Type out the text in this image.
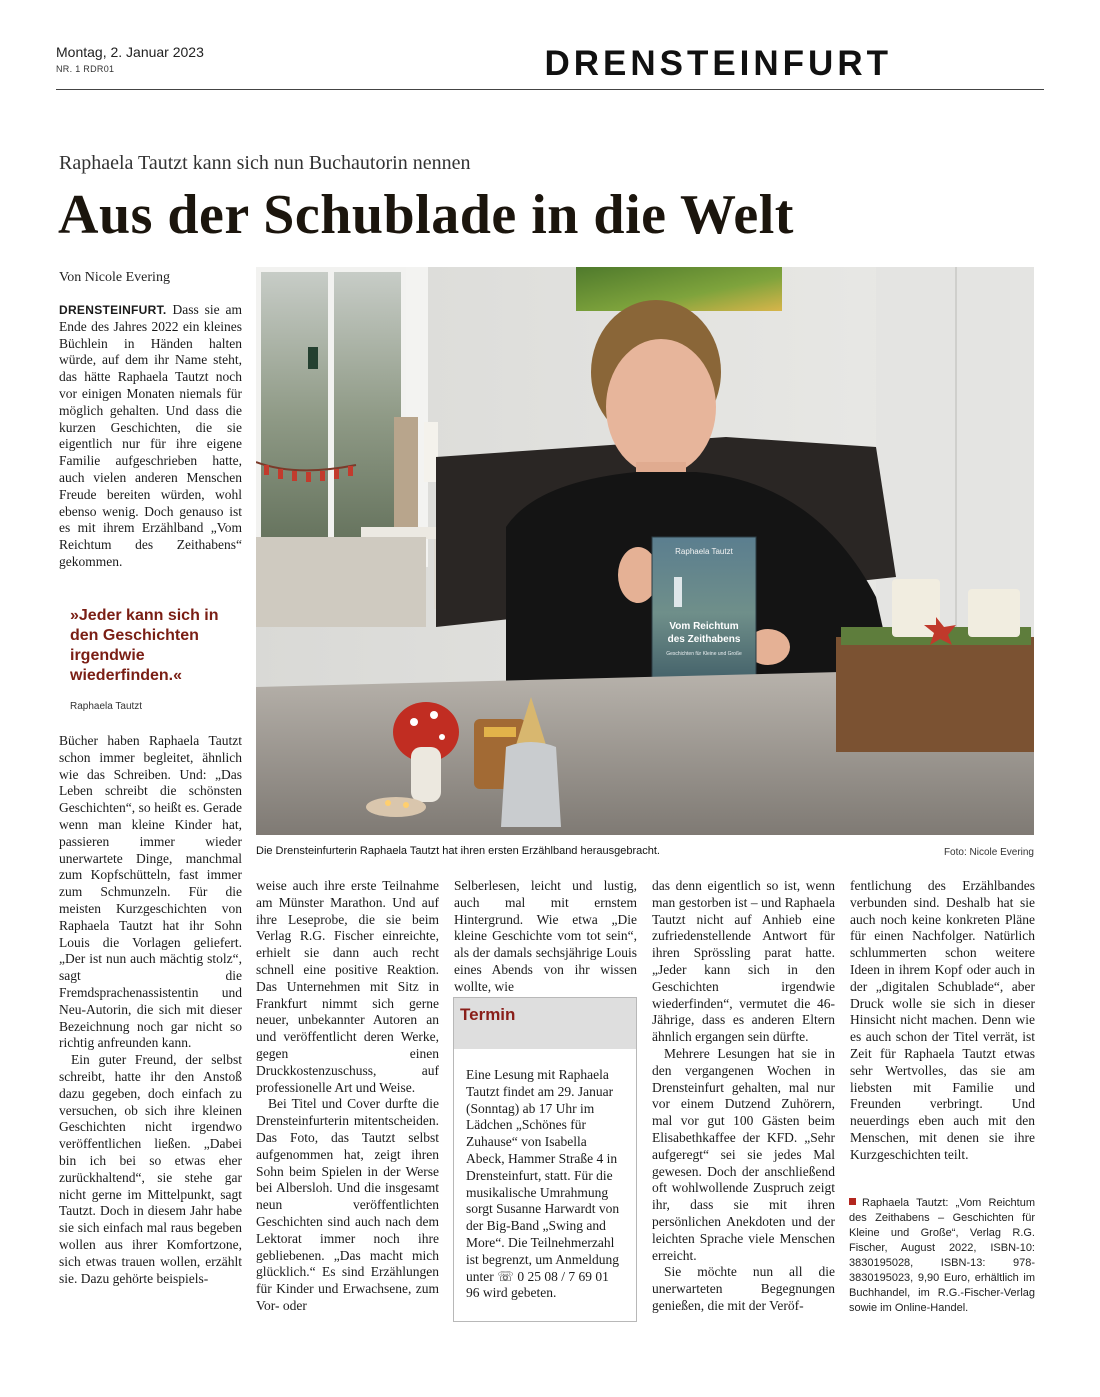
Montag, 2. Januar 2023
NR. 1 RDR01	DRENSTEINFURT
Raphaela Tautzt kann sich nun Buchautorin nennen
Aus der Schublade in die Welt
Von Nicole Evering
Raphaela Tautzt
Vom Reichtum
des Zeithabens
Geschichten für Kleine und Große
Die Drensteinfurterin Raphaela Tautzt hat ihren ersten Erzählband herausgebracht.	Foto: Nicole Evering

DRENSTEINFURT. Dass sie am Ende des Jahres 2022 ein kleines Büchlein in Händen halten würde, auf dem ihr Name steht, das hätte Raphaela Tautzt noch vor einigen Monaten niemals für möglich gehalten. Und dass die kurzen Geschichten, die sie eigentlich nur für ihre eigene Familie aufgeschrieben hatte, auch vielen anderen Menschen Freude bereiten würden, wohl ebenso wenig. Doch genauso ist es mit ihrem Erzählband „Vom Reichtum des Zeithabens“ gekommen.

»Jeder kann sich in den Geschichten irgendwie wiederfinden.«
Raphaela Tautzt

Bücher haben Raphaela Tautzt schon immer begleitet, ähnlich wie das Schreiben. Und: „Das Leben schreibt die schönsten Geschichten“, so heißt es. Gerade wenn man kleine Kinder hat, passieren immer wieder unerwartete Dinge, manchmal zum Kopfschütteln, fast immer zum Schmunzeln. Für die meisten Kurzgeschichten von Raphaela Tautzt hat ihr Sohn Louis die Vorlagen geliefert. „Der ist nun auch mächtig stolz“, sagt die Fremdsprachenassistentin und Neu-Autorin, die sich mit dieser Bezeichnung noch gar nicht so richtig anfreunden kann.

Ein guter Freund, der selbst schreibt, hatte ihr den Anstoß dazu gegeben, doch einfach zu versuchen, ob sich ihre kleinen Geschichten nicht irgendwo veröffentlichen ließen. „Dabei bin ich bei so etwas eher zurückhaltend“, sie stehe gar nicht gerne im Mittelpunkt, sagt Tautzt. Doch in diesem Jahr habe sie sich einfach mal raus begeben wollen aus ihrer Komfortzone, sich etwas trauen wollen, erzählt sie. Dazu gehörte beispiels-

weise auch ihre erste Teilnahme am Münster Marathon. Und auf ihre Leseprobe, die sie beim Verlag R.G. Fischer einreichte, erhielt sie dann auch recht schnell eine positive Reaktion. Das Unternehmen mit Sitz in Frankfurt nimmt sich gerne neuer, unbekannter Autoren an und veröffentlicht deren Werke, gegen einen Druckkostenzuschuss, auf professionelle Art und Weise.

Bei Titel und Cover durfte die Drensteinfurterin mitentscheiden. Das Foto, das Tautzt selbst aufgenommen hat, zeigt ihren Sohn beim Spielen in der Werse bei Albersloh. Und die insgesamt neun veröffentlichten Geschichten sind auch nach dem Lektorat immer noch ihre gebliebenen. „Das macht mich glücklich.“ Es sind Erzählungen für Kinder und Erwachsene, zum Vor- oder

Selberlesen, leicht und lustig, auch mal mit ernstem Hintergrund. Wie etwa „Die kleine Geschichte vom tot sein“, als der damals sechsjährige Louis eines Abends von ihr wissen wollte, wie

Termin
Eine Lesung mit Raphaela Tautzt findet am 29. Januar (Sonntag) ab 17 Uhr im Lädchen „Schönes für Zuhause“ von Isabella Abeck, Hammer Straße 4 in Drensteinfurt, statt. Für die musikalische Umrahmung sorgt Susanne Harwardt von der Big-Band „Swing and More“. Die Teilnehmerzahl ist begrenzt, um Anmeldung unter ☏ 0 25 08 / 7 69 01 96 wird gebeten.

das denn eigentlich so ist, wenn man gestorben ist – und Raphaela Tautzt nicht auf Anhieb eine zufriedenstellende Antwort für ihren Sprössling parat hatte. „Jeder kann sich in den Geschichten irgendwie wiederfinden“, vermutet die 46-Jährige, dass es anderen Eltern ähnlich ergangen sein dürfte.

Mehrere Lesungen hat sie in den vergangenen Wochen in Drensteinfurt gehalten, mal nur vor einem Dutzend Zuhörern, mal vor gut 100 Gästen beim Elisabethkaffee der KFD. „Sehr aufgeregt“ sei sie jedes Mal gewesen. Doch der anschließend oft wohlwollende Zuspruch zeigt ihr, dass sie mit ihren persönlichen Anekdoten und der leichten Sprache viele Menschen erreicht.

Sie möchte nun all die unerwarteten Begegnungen genießen, die mit der Veröf-

fentlichung des Erzählbandes verbunden sind. Deshalb hat sie auch noch keine konkreten Pläne für einen Nachfolger. Natürlich schlummerten schon weitere Ideen in ihrem Kopf oder auch in der „digitalen Schublade“, aber Druck wolle sie sich in dieser Hinsicht nicht machen. Denn wie es auch schon der Titel verrät, ist Zeit für Raphaela Tautzt etwas sehr Wertvolles, das sie am liebsten mit Familie und Freunden verbringt. Und neuerdings eben auch mit den Menschen, mit denen sie ihre Kurzgeschichten teilt.

Raphaela Tautzt: „Vom Reichtum des Zeithabens – Geschichten für Kleine und Große“, Verlag R.G. Fischer, August 2022, ISBN-10: 3830195028, ISBN-13: 978-3830195023, 9,90 Euro, erhältlich im Buchhandel, im R.G.-Fischer-Verlag sowie im Online-Handel.
